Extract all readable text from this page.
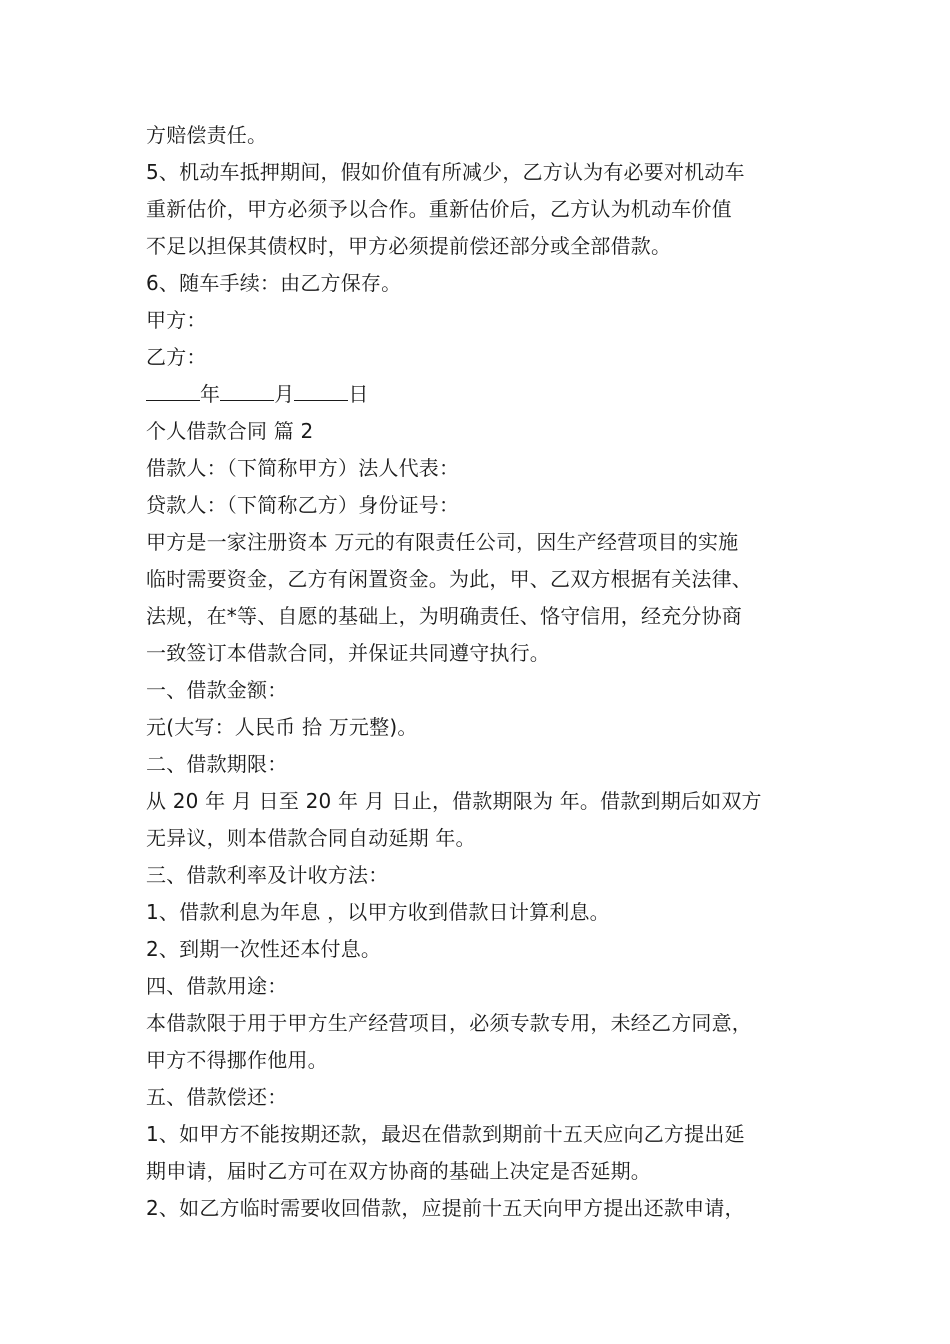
方赔偿责任。

5、机动车抵押期间，假如价值有所减少，乙方认为有必要对机动车

重新估价，甲方必须予以合作。重新估价后，乙方认为机动车价值

不足以担保其债权时，甲方必须提前偿还部分或全部借款。

6、随车手续：由乙方保存。

甲方：

乙方：

年	月	日

个人借款合同 篇 2

借款人：（下简称甲方）法人代表：

贷款人：（下简称乙方）身份证号：

甲方是一家注册资本 万元的有限责任公司，因生产经营项目的实施

临时需要资金，乙方有闲置资金。为此，甲、乙双方根据有关法律、

法规，在*等、自愿的基础上，为明确责任、恪守信用，经充分协商

一致签订本借款合同，并保证共同遵守执行。

一、借款金额：

元(大写：人民币 拾 万元整)。

二、借款期限：

从 20 年 月 日至 20 年 月 日止，借款期限为 年。借款到期后如双方

无异议，则本借款合同自动延期 年。

三、借款利率及计收方法：

1、借款利息为年息 ，以甲方收到借款日计算利息。

2、到期一次性还本付息。

四、借款用途：

本借款限于用于甲方生产经营项目，必须专款专用，未经乙方同意，

甲方不得挪作他用。

五、借款偿还：

1、如甲方不能按期还款，最迟在借款到期前十五天应向乙方提出延

期申请，届时乙方可在双方协商的基础上决定是否延期。

2、如乙方临时需要收回借款，应提前十五天向甲方提出还款申请，
